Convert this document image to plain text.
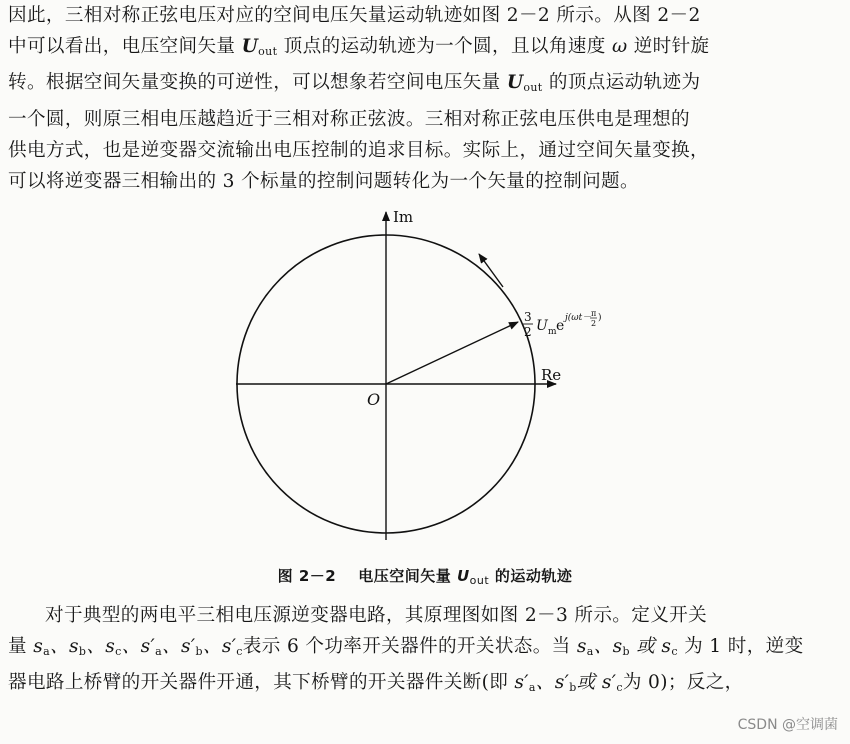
因此，三相对称正弦电压对应的空间电压矢量运动轨迹如图 2－2 所示。从图 2－2
中可以看出，电压空间矢量 $U_{out}$ 顶点的运动轨迹为一个圆，且以角速度 ω 逆时针旋
转。根据空间矢量变换的可逆性，可以想象若空间电压矢量 $U_{out}$ 的顶点运动轨迹为
一个圆，则原三相电压越趋近于三相对称正弦波。三相对称正弦电压供电是理想的
供电方式，也是逆变器交流输出电压控制的追求目标。实际上，通过空间矢量变换，
可以将逆变器三相输出的 3 个标量的控制问题转化为一个矢量的控制问题。
Im
Re
O
3
2 U m e j(ωt－ π
2
)
图 2－2 电压空间矢量 $U_{out}$ 的运动轨迹
对于典型的两电平三相电压源逆变器电路，其原理图如图 2－3 所示。定义开关
量 $s_a$、$s_b$、$s_c$、$s'_a$、$s'_b$、$s'_c$表示 6 个功率开关器件的开关状态。当 $s_a$、$s_b$ 或 $s_c$ 为 1 时，逆变
器电路上桥臂的开关器件开通，其下桥臂的开关器件关断(即 $s'_a$、$s'_b$或 $s'_c$为 0)；反之，
CSDN @空调菌
